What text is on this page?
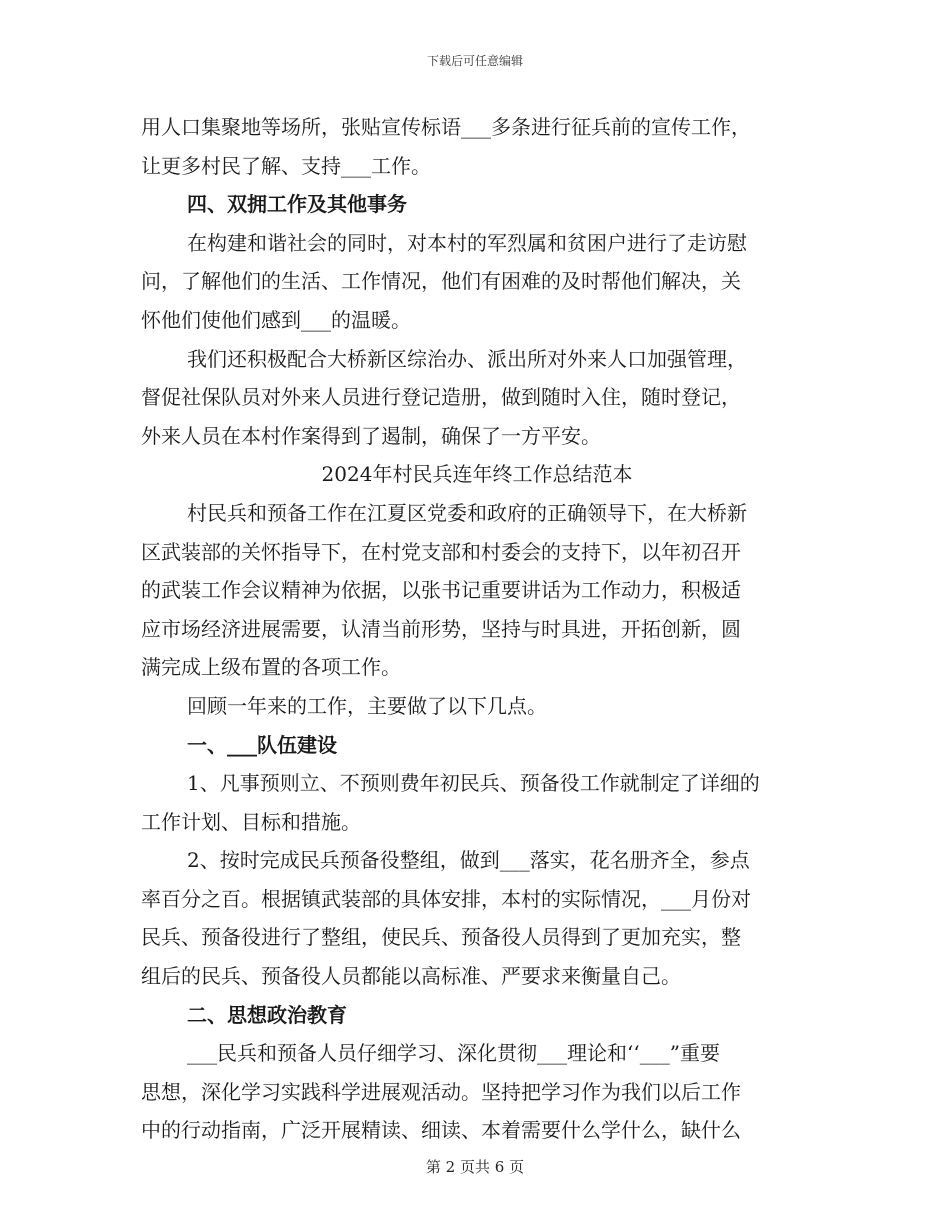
下载后可任意编辑
用人口集聚地等场所，张贴宣传标语___多条进行征兵前的宣传工作，
让更多村民了解、支持___工作。
四、双拥工作及其他事务
在构建和谐社会的同时，对本村的军烈属和贫困户进行了走访慰
问，了解他们的生活、工作情况，他们有困难的及时帮他们解决，关
怀他们使他们感到___的温暖。
我们还积极配合大桥新区综治办、派出所对外来人口加强管理，
督促社保队员对外来人员进行登记造册，做到随时入住，随时登记，
外来人员在本村作案得到了遏制，确保了一方平安。
2024年村民兵连年终工作总结范本
村民兵和预备工作在江夏区党委和政府的正确领导下，在大桥新
区武装部的关怀指导下，在村党支部和村委会的支持下，以年初召开
的武装工作会议精神为依据，以张书记重要讲话为工作动力，积极适
应市场经济进展需要，认清当前形势，坚持与时具进，开拓创新，圆
满完成上级布置的各项工作。
回顾一年来的工作，主要做了以下几点。
一、___队伍建设
1、凡事预则立、不预则费年初民兵、预备役工作就制定了详细的
工作计划、目标和措施。
2、按时完成民兵预备役整组，做到___落实，花名册齐全，参点
率百分之百。根据镇武装部的具体安排，本村的实际情况，___月份对
民兵、预备役进行了整组，使民兵、预备役人员得到了更加充实，整
组后的民兵、预备役人员都能以高标准、严要求来衡量自己。
二、思想政治教育
___民兵和预备人员仔细学习、深化贯彻___理论和‘‘___”重要
思想，深化学习实践科学进展观活动。坚持把学习作为我们以后工作
中的行动指南，广泛开展精读、细读、本着需要什么学什么，缺什么
第 2 页共 6 页
